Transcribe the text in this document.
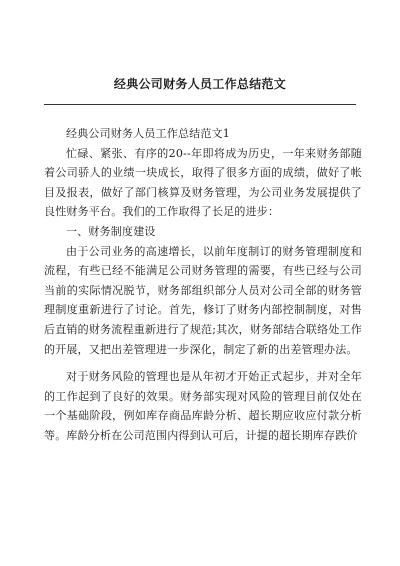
经典公司财务人员工作总结范文

经典公司财务人员工作总结范文1

忙碌、紧张、有序的20--年即将成为历史，一年来财务部随着公司骄人的业绩一块成长，取得了很多方面的成绩，做好了帐目及报表，做好了部门核算及财务管理，为公司业务发展提供了良性财务平台。我们的工作取得了长足的进步：

一、财务制度建设

由于公司业务的高速增长，以前年度制订的财务管理制度和流程，有些已经不能满足公司财务管理的需要，有些已经与公司当前的实际情况脱节，财务部组织部分人员对公司全部的财务管理制度重新进行了讨论。首先，修订了财务内部控制制度，对售后直销的财务流程重新进行了规范;其次，财务部结合联络处工作的开展，又把出差管理进一步深化，制定了新的出差管理办法。

对于财务风险的管理也是从年初才开始正式起步，并对全年的工作起到了良好的效果。财务部实现对风险的管理目前仅处在一个基础阶段，例如库存商品库龄分析、超长期应收应付款分析等。库龄分析在公司范围内得到认可后，计提的超长期库存跌价
